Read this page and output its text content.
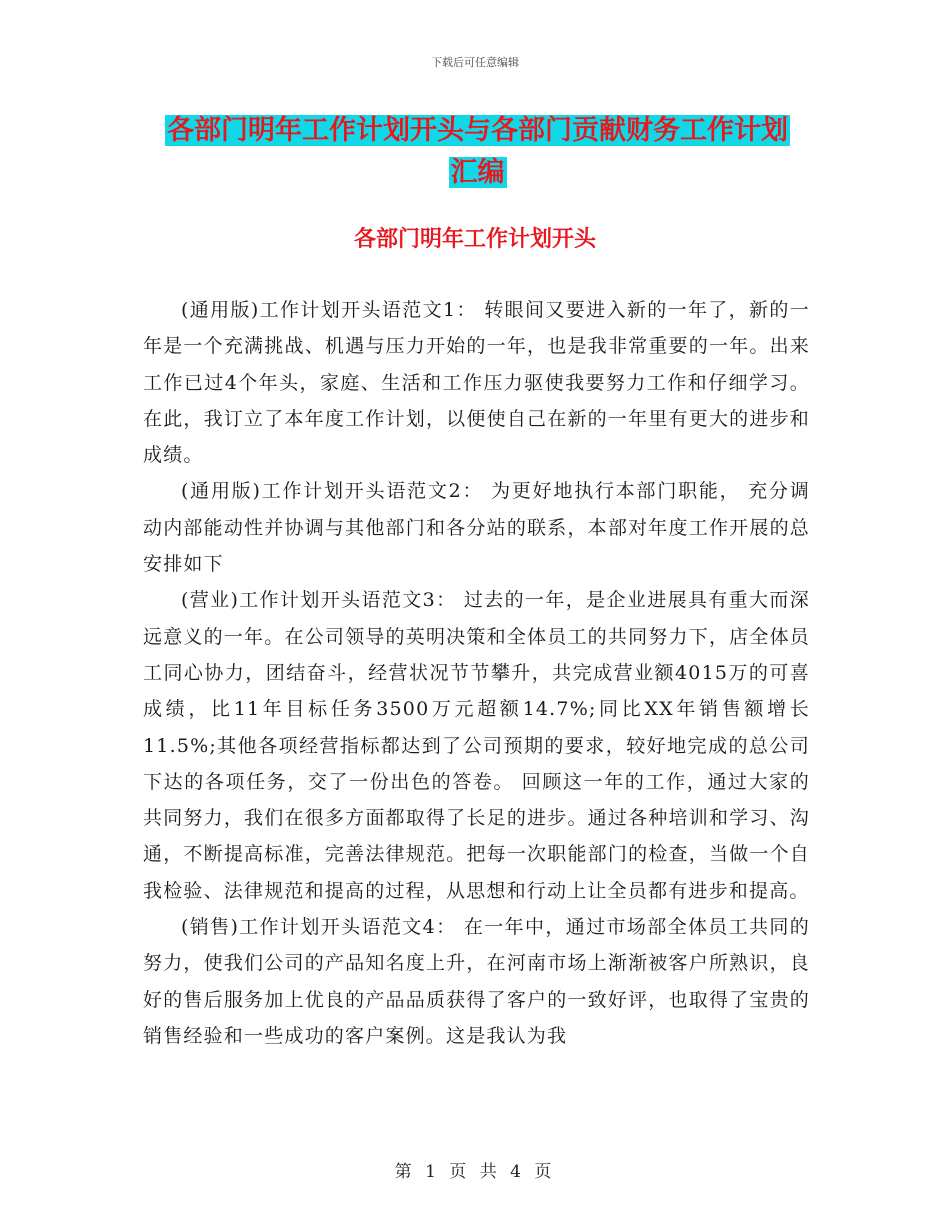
下载后可任意编辑
各部门明年工作计划开头与各部门贡献财务工作计划
汇编
各部门明年工作计划开头

(通用版)工作计划开头语范文1： 转眼间又要进入新的一年了，新的一年是一个充满挑战、机遇与压力开始的一年，也是我非常重要的一年。出来工作已过4个年头，家庭、生活和工作压力驱使我要努力工作和仔细学习。在此，我订立了本年度工作计划，以便使自己在新的一年里有更大的进步和成绩。

(通用版)工作计划开头语范文2： 为更好地执行本部门职能， 充分调动内部能动性并协调与其他部门和各分站的联系，本部对年度工作开展的总安排如下

(营业)工作计划开头语范文3： 过去的一年，是企业进展具有重大而深远意义的一年。在公司领导的英明决策和全体员工的共同努力下，店全体员工同心协力，团结奋斗，经营状况节节攀升，共完成营业额4015万的可喜成绩，比11年目标任务3500万元超额14.7%;同比XX年销售额增长11.5%;其他各项经营指标都达到了公司预期的要求，较好地完成的总公司下达的各项任务，交了一份出色的答卷。 回顾这一年的工作，通过大家的共同努力，我们在很多方面都取得了长足的进步。通过各种培训和学习、沟通，不断提高标准，完善法律规范。把每一次职能部门的检查，当做一个自我检验、法律规范和提高的过程，从思想和行动上让全员都有进步和提高。

(销售)工作计划开头语范文4： 在一年中，通过市场部全体员工共同的努力，使我们公司的产品知名度上升，在河南市场上渐渐被客户所熟识，良好的售后服务加上优良的产品品质获得了客户的一致好评，也取得了宝贵的销售经验和一些成功的客户案例。这是我认为我

第 1 页 共 4 页
